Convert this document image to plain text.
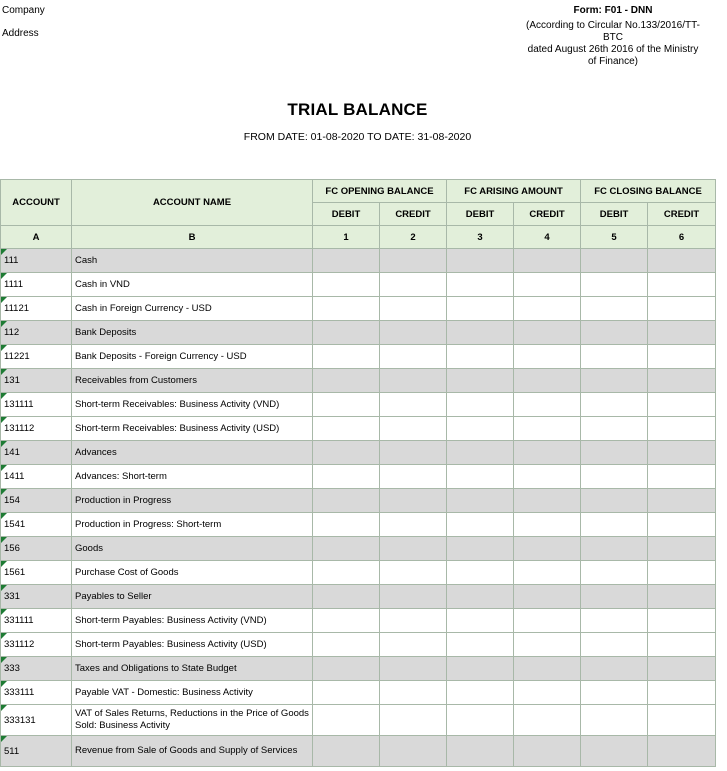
Company
Address
Form: F01 - DNN
(According to Circular No.133/2016/TT-
BTC
dated August 26th 2016 of the Ministry
of Finance)
TRIAL BALANCE
FROM DATE: 01-08-2020 TO DATE: 31-08-2020
ACCOUNT	ACCOUNT NAME	FC OPENING BALANCE		FC ARISING AMOUNT		FC CLOSING BALANCE	
		DEBIT	CREDIT	DEBIT	CREDIT	DEBIT	CREDIT
A	B	1	2	3	4	5	6
111	Cash						
1111	Cash in VND						
11121	Cash in Foreign Currency - USD						
112	Bank Deposits						
11221	Bank Deposits - Foreign Currency - USD						
131	Receivables from Customers						
131111	Short-term Receivables: Business Activity (VND)						
131112	Short-term Receivables: Business Activity (USD)						
141	Advances						
1411	Advances: Short-term						
154	Production in Progress						
1541	Production in Progress: Short-term						
156	Goods						
1561	Purchase Cost of Goods						
331	Payables to Seller						
331111	Short-term Payables: Business Activity (VND)						
331112	Short-term Payables: Business Activity (USD)						
333	Taxes and Obligations to State Budget						
333111	Payable VAT - Domestic: Business Activity						
333131	VAT of Sales Returns, Reductions in the Price of Goods Sold: Business Activity						
511	Revenue from Sale of Goods and Supply of Services						
